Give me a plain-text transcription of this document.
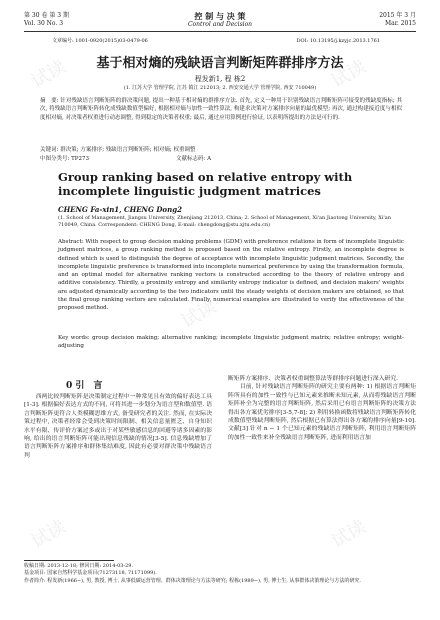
试读	试读
试读
试读	试读
第 30 卷 第 3 期
Vol. 30 No. 3
控 制 与 决 策
Control and Decision
2015 年 3 月
Mar. 2015
文章编号: 1001-0920(2015)03-0479-06	DOI: 10.13195/j.kzyjc.2013.1761
基于相对熵的残缺语言判断矩阵群排序方法
程发新1, 程 栋2
(1. 江苏大学 管理学院, 江苏 镇江 212013; 2. 西安交通大学 管理学院, 西安 710049)
摘　要: 针对残缺语言判断矩阵的群决策问题, 提出一种基于相对熵的群排序方法. 首先, 定义一种用于识别残缺语言判断矩阵可接受的残缺度指标; 其次, 将残缺语言判断矩阵转化成残缺数值型偏好, 根据相对熵与加性一致性算法, 构建求决策对方案排序向量的最优模型; 再次, 通过构建接近度与相似度相对熵, 对决策者权重进行动态调整, 得到稳定的决策者权重; 最后, 通过应用算例进行验证, 以表明所提出的方法是可行的.
关键词: 群决策; 方案排序; 残缺语言判断矩阵; 相对熵; 权重调整
中图分类号: TP273	文献标志码: A
Group ranking based on relative entropy with incomplete linguistic judgment matrices
CHENG Fa-xin1, CHENG Dong2
(1. School of Management, Jiangsu University, Zhenjiang 212013, China; 2. School of Management, Xi'an Jiaotong University, Xi'an 710049, China. Correspondent: CHENG Dong, E-mail: chengdong@stu.xjtu.edu.cn)
Abstract: With respect to group decision making problems (GDM) with preference relations in form of incomplete linguistic judgment matrices, a group ranking method is proposed based on the relative entropy. Firstly, an incomplete degree is defined which is used to distinguish the degree of acceptance with incomplete linguistic judgment matrices. Secondly, the incomplete linguistic preference is transformed into incomplete numerical preference by using the transformation formula, and an optimal model for alternative ranking vectors is constructed according to the theory of relative entropy and additive consistency. Thirdly, a proximity entropy and similarity entropy indicator is defined, and decision makers' weights are adjusted dynamically according to the two indicators until the steady weights of decision makers are obtained, so that the final group ranking vectors are calculated. Finally, numerical examples are illustrated to verify the effectiveness of the proposed method.
Key words: group decision making; alternative ranking; incomplete linguistic judgment matrix; relative entropy; weight-adjusting
0 引　言
　　西两比较判断矩阵是决策制定过程中一种常见且有效的偏好表达工具[1-3]. 根据偏好表达方式的不同, 可将其进一步划分为语言型和数值型. 语言判断矩阵更符合人类模糊思维方式, 备受研究者的关注. 然而, 在实际决策过程中, 决策者经常会受到决策时间限制、相关信息量匮乏、自身知识水平有限、传评价方案过多或出于对某些敏感信息的回避等诸多因素的影响, 给出的语言判断矩阵可能出现信息残缺的情况[3-5]. 信息残缺增加了语言判断矩阵方案排序和群体集结难度, 因此有必要对群决策中残缺语言判
断矩阵方案排序、决策者权重调整算法等群排序问题进行深入研究.
　　目前, 针对残缺语言判断矩阵的研究主要有两种: 1) 根据语言判断矩阵所具有的加性一致性与已知元素来推断未知元素, 从而将残缺语言判断矩阵补全为完整的语言判断矩阵, 然后采用已有语言判断矩阵的决策方法得出各方案优劣排序[3-5,7-8]; 2) 利用转换函数将残缺语言判断矩阵转化成数值型残缺判断矩阵, 然后根据已有算法得出各方案的排序向量[9-10]. 文献[3] 针对 n − 1 个已知元素的残缺语言判断矩阵, 利用语言判断矩阵的加性一致性来补全残缺语言判断矩阵, 进而利用语言加
收稿日期: 2013-12-18; 修回日期: 2014-03-29.
基金项目: 国家自然科学基金项目(71273118, 71171099).
作者简介: 程发新(1966−), 男, 教授, 博士, 从事低碳运营管理、群体决策理论与方法等研究; 程栋(1989−), 男, 博士生, 从事群体决策理论与方法的研究.
